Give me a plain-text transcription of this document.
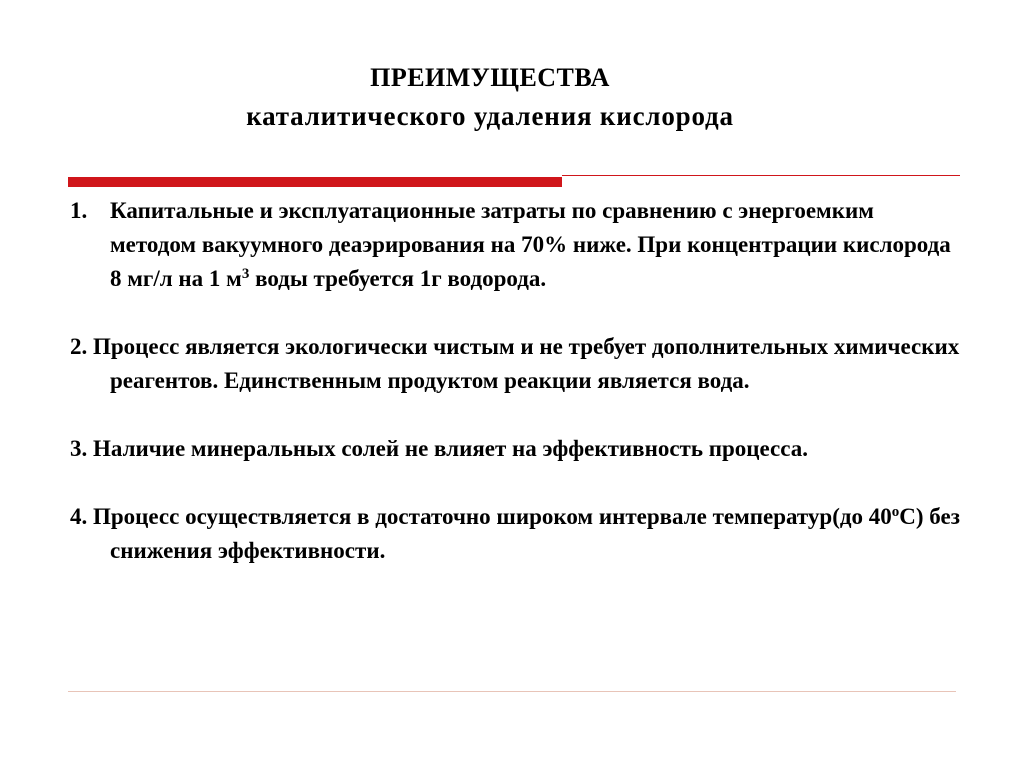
ПРЕИМУЩЕСТВА
каталитического удаления кислорода
1. Капитальные и эксплуатационные затраты по сравнению с энергоемким методом вакуумного деаэрирования на 70% ниже. При концентрации кислорода 8 мг/л на 1 $м^3$ воды требуется 1г водорода.
2. Процесс является экологически чистым и не требует дополнительных химических реагентов. Единственным продуктом реакции является вода.
3. Наличие минеральных солей не влияет на эффективность процесса.
4. Процесс осуществляется в достаточно широком интервале температур(до $40^оС$) без снижения эффективности.
